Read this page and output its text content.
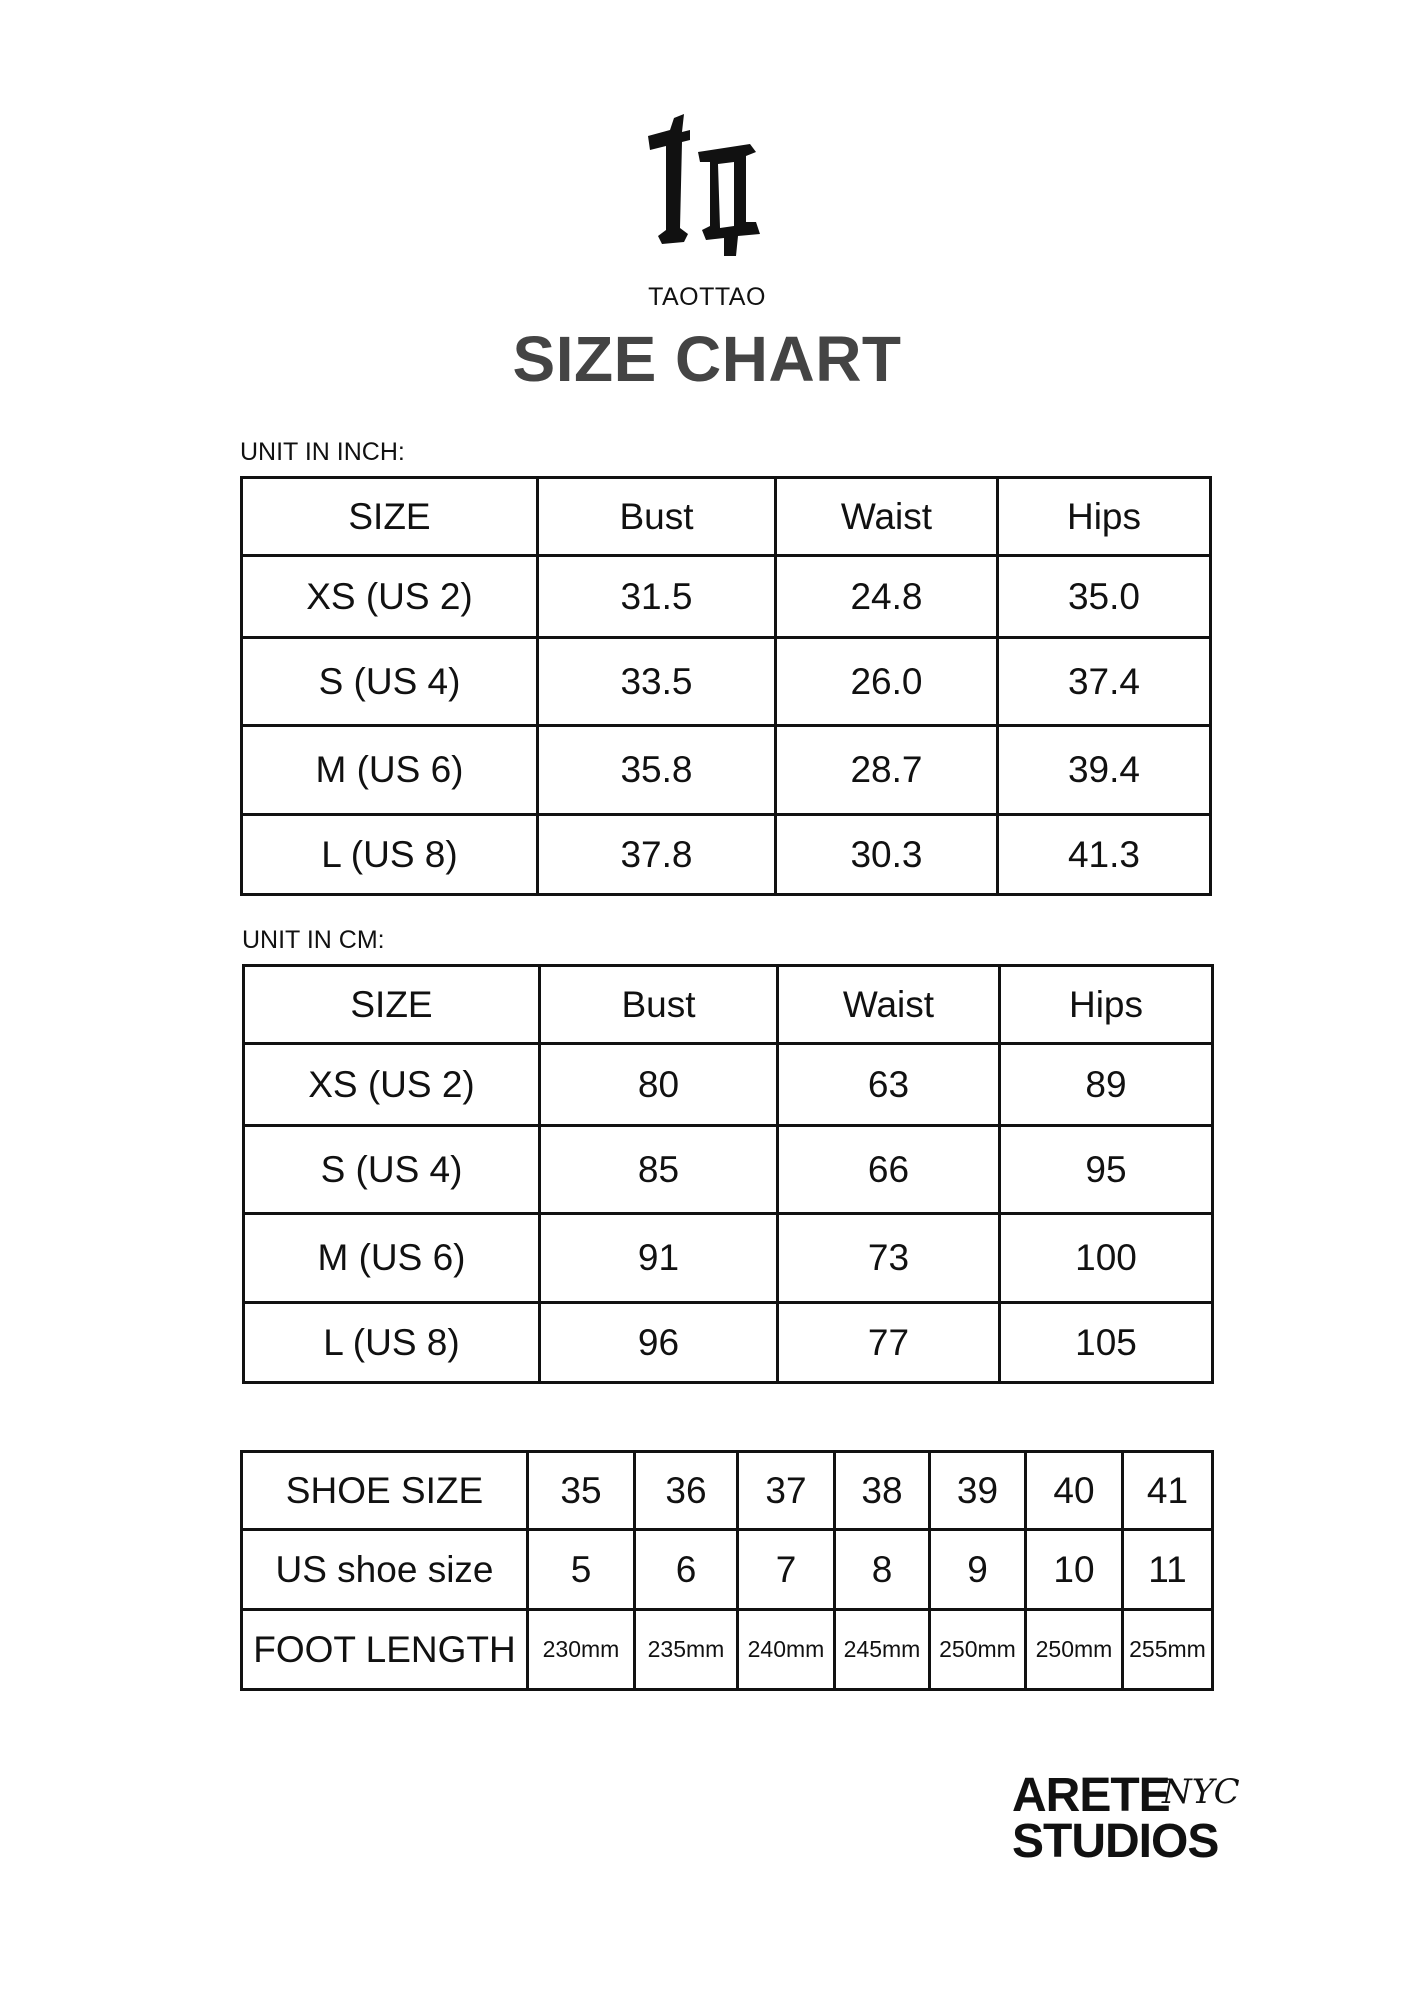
TAOTTAO
SIZE CHART
UNIT IN INCH:
SIZE	Bust	Waist	Hips
XS (US 2)	31.5	24.8	35.0
S (US 4)	33.5	26.0	37.4
M (US 6)	35.8	28.7	39.4
L (US 8)	37.8	30.3	41.3
UNIT IN CM:
SIZE	Bust	Waist	Hips
XS (US 2)	80	63	89
S (US 4)	85	66	95
M (US 6)	91	73	100
L (US 8)	96	77	105
SHOE SIZE	35	36	37	38	39	40	41
US shoe size	5	6	7	8	9	10	11
FOOT LENGTH	230mm	235mm	240mm	245mm	250mm	250mm	255mm
ARETE
NYC
STUDIOS
